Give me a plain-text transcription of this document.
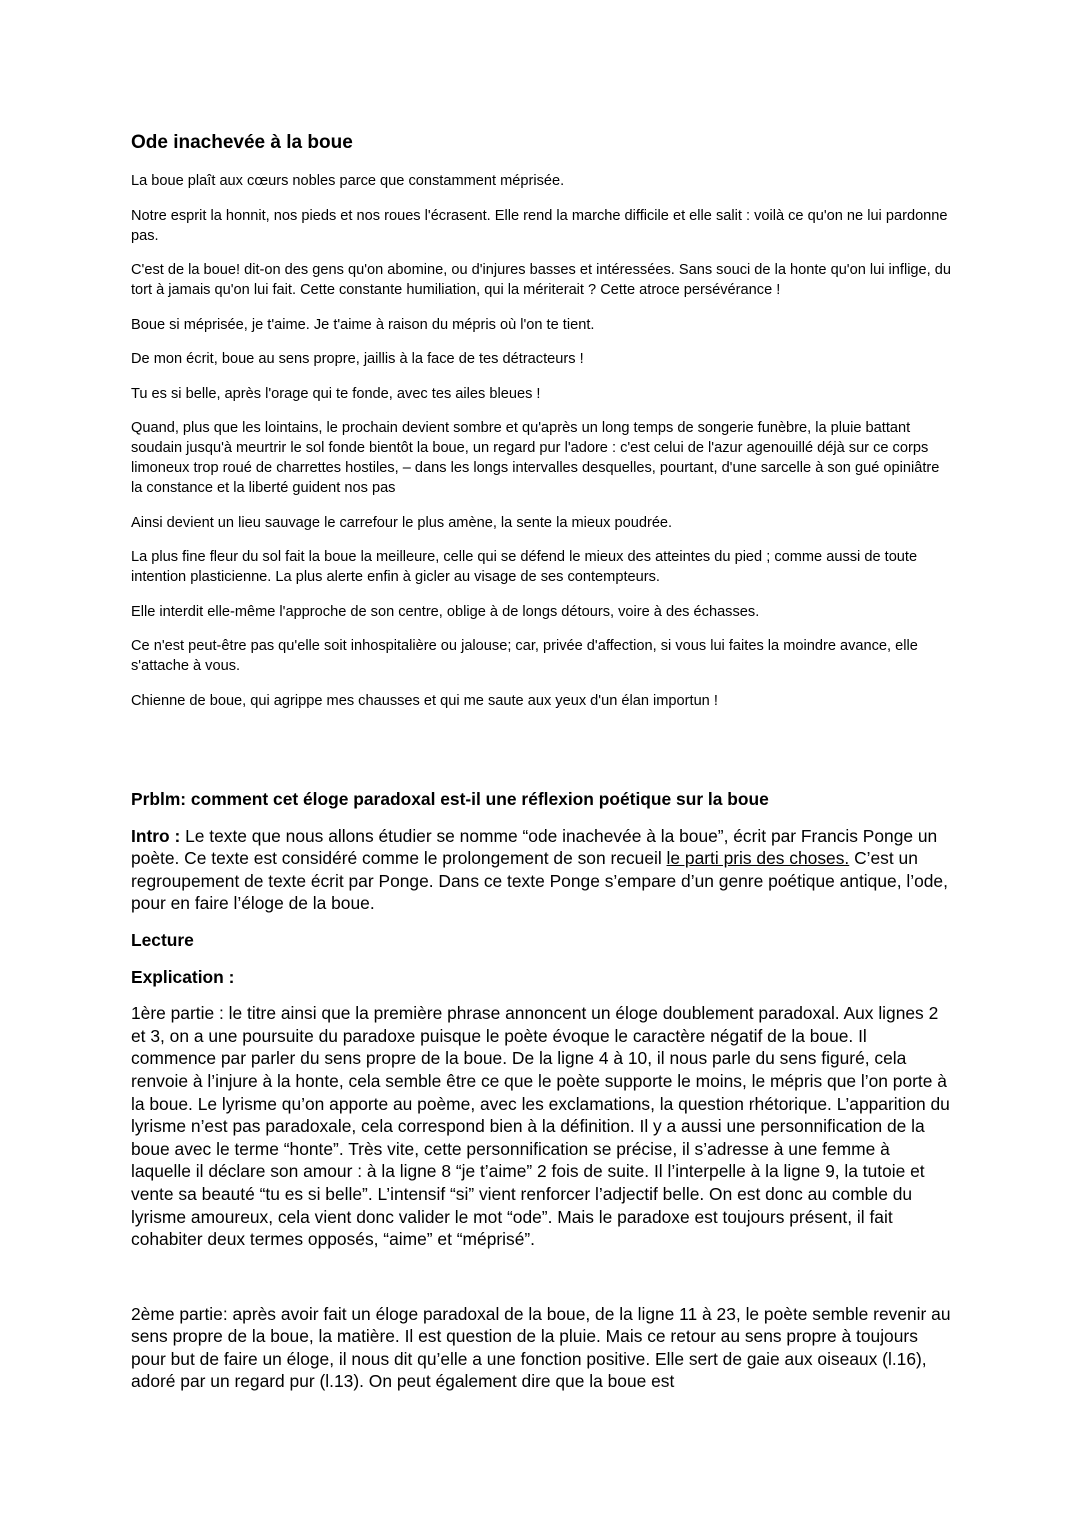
Ode inachevée à la boue

La boue plaît aux cœurs nobles parce que constamment méprisée.

Notre esprit la honnit, nos pieds et nos roues l'écrasent. Elle rend la marche difficile et elle salit : voilà ce qu'on ne lui pardonne pas.

C'est de la boue! dit-on des gens qu'on abomine, ou d'injures basses et intéressées. Sans souci de la honte qu'on lui inflige, du tort à jamais qu'on lui fait. Cette constante humiliation, qui la mériterait ? Cette atroce persévérance !

Boue si méprisée, je t'aime. Je t'aime à raison du mépris où l'on te tient.

De mon écrit, boue au sens propre, jaillis à la face de tes détracteurs !

Tu es si belle, après l'orage qui te fonde, avec tes ailes bleues !

Quand, plus que les lointains, le prochain devient sombre et qu'après un long temps de songerie funèbre, la pluie battant soudain jusqu'à meurtrir le sol fonde bientôt la boue, un regard pur l'adore : c'est celui de l'azur agenouillé déjà sur ce corps limoneux trop roué de charrettes hostiles, – dans les longs intervalles desquelles, pourtant, d'une sarcelle à son gué opiniâtre la constance et la liberté guident nos pas

Ainsi devient un lieu sauvage le carrefour le plus amène, la sente la mieux poudrée.

La plus fine fleur du sol fait la boue la meilleure, celle qui se défend le mieux des atteintes du pied ; comme aussi de toute intention plasticienne. La plus alerte enfin à gicler au visage de ses contempteurs.

Elle interdit elle-même l'approche de son centre, oblige à de longs détours, voire à des échasses.

Ce n'est peut-être pas qu'elle soit inhospitalière ou jalouse; car, privée d'affection, si vous lui faites la moindre avance, elle s'attache à vous.

Chienne de boue, qui agrippe mes chausses et qui me saute aux yeux d'un élan importun !

Prblm: comment cet éloge paradoxal est-il une réflexion poétique sur la boue

Intro : Le texte que nous allons étudier se nomme “ode inachevée à la boue”, écrit par Francis Ponge un poète. Ce texte est considéré comme le prolongement de son recueil le parti pris des choses. C’est un regroupement de texte écrit par Ponge. Dans ce texte Ponge s’empare d’un genre poétique antique, l’ode, pour en faire l’éloge de la boue.

Lecture

Explication :

1ère partie : le titre ainsi que la première phrase annoncent un éloge doublement paradoxal. Aux lignes 2 et 3, on a une poursuite du paradoxe puisque le poète évoque le caractère négatif de la boue. Il commence par parler du sens propre de la boue. De la ligne 4 à 10, il nous parle du sens figuré, cela renvoie à l’injure à la honte, cela semble être ce que le poète supporte le moins, le mépris que l’on porte à la boue. Le lyrisme qu’on apporte au poème, avec les exclamations, la question rhétorique. L’apparition du lyrisme n’est pas paradoxale, cela correspond bien à la définition. Il y a aussi une personnification de la boue avec le terme “honte”. Très vite, cette personnification se précise, il s’adresse à une femme à laquelle il déclare son amour : à la ligne 8 “je t’aime” 2 fois de suite. Il l’interpelle à la ligne 9, la tutoie et vente sa beauté “tu es si belle”. L’intensif “si” vient renforcer l’adjectif belle. On est donc au comble du lyrisme amoureux, cela vient donc valider le mot “ode”. Mais le paradoxe est toujours présent, il fait cohabiter deux termes opposés, “aime” et “méprisé”.

2ème partie: après avoir fait un éloge paradoxal de la boue, de la ligne 11 à 23, le poète semble revenir au sens propre de la boue, la matière. Il est question de la pluie. Mais ce retour au sens propre à toujours pour but de faire un éloge, il nous dit qu’elle a une fonction positive. Elle sert de gaie aux oiseaux (l.16), adoré par un regard pur (l.13). On peut également dire que la boue est
